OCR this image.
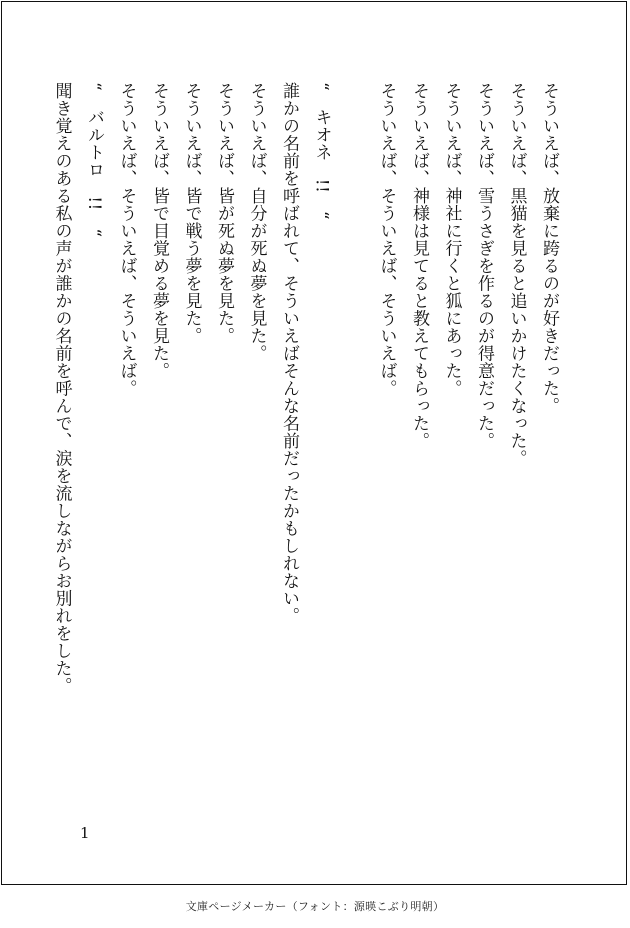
そういえば、放棄に跨るのが好きだった。

そういえば、黒猫を見ると追いかけたくなった。

そういえば、雪うさぎを作るのが得意だった。

そういえば、神社に行くと狐にあった。

そういえば、神様は見てると教えてもらった。

そういえば、そういえば、そういえば。

“　キオネ　!!　“

誰かの名前を呼ばれて、そういえばそんな名前だったかもしれない。

そういえば、自分が死ぬ夢を見た。

そういえば、皆が死ぬ夢を見た。

そういえば、皆で戦う夢を見た。

そういえば、皆で目覚める夢を見た。

そういえば、そういえば、そういえば。

“　バルトロ　!!　“

聞き覚えのある私の声が誰かの名前を呼んで、涙を流しながらお別れをした。

1
文庫ページメーカー（フォント：源暎こぶり明朝）
